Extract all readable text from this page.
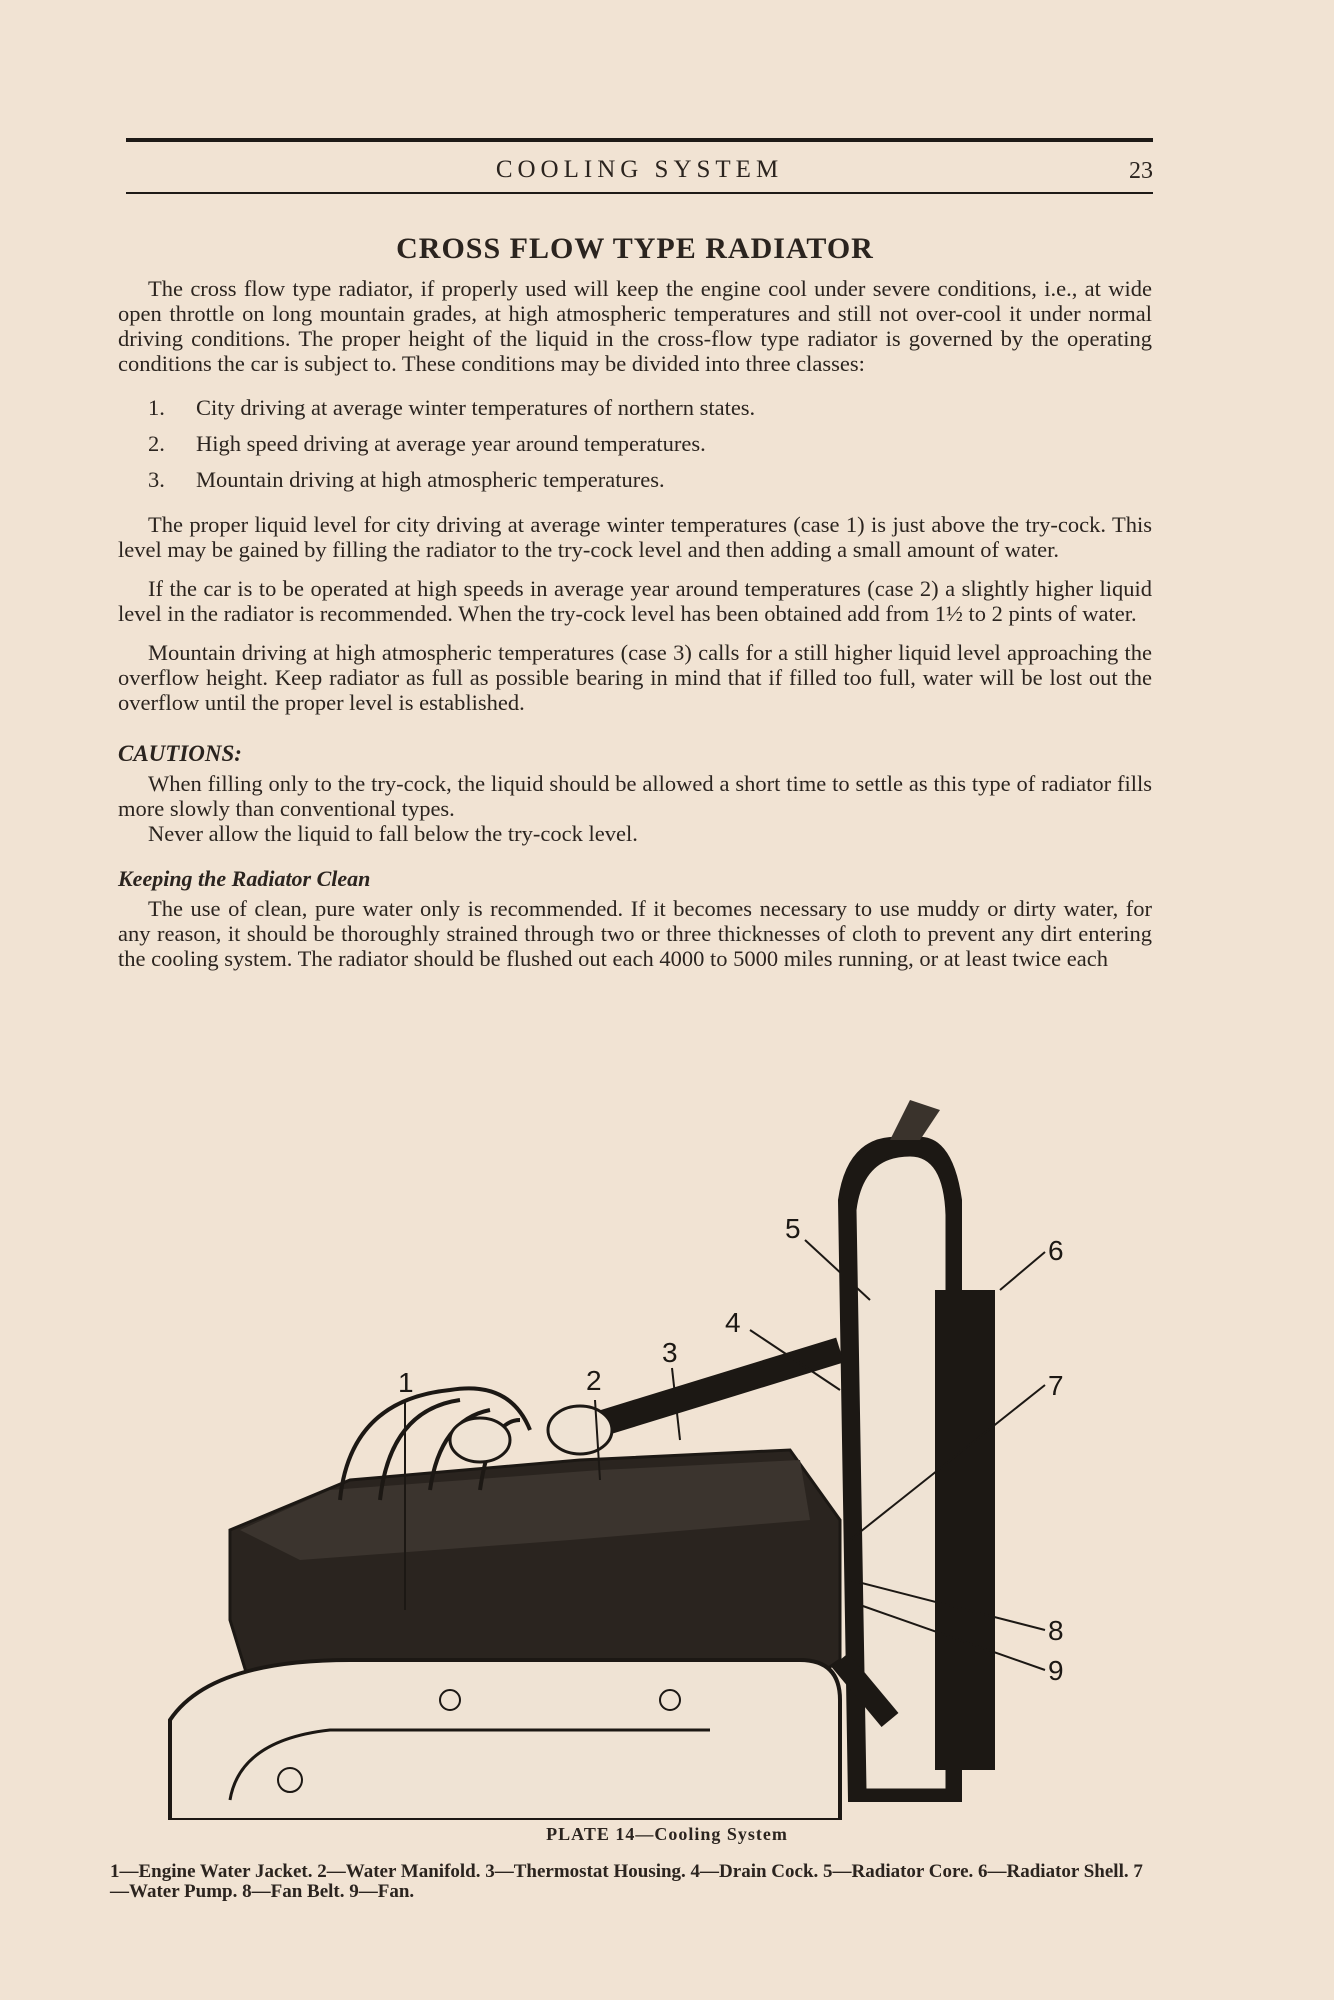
COOLING SYSTEM	23
CROSS FLOW TYPE RADIATOR

The cross flow type radiator, if properly used will keep the engine cool under severe conditions, i.e., at wide open throttle on long mountain grades, at high atmospheric temperatures and still not over-cool it under normal driving conditions. The proper height of the liquid in the cross-flow type radiator is governed by the operating conditions the car is subject to. These conditions may be divided into three classes:

1. City driving at average winter temperatures of northern states.
2. High speed driving at average year around temperatures.
3. Mountain driving at high atmospheric temperatures.

The proper liquid level for city driving at average winter temperatures (case 1) is just above the try-cock. This level may be gained by filling the radiator to the try-cock level and then adding a small amount of water.

If the car is to be operated at high speeds in average year around temperatures (case 2) a slightly higher liquid level in the radiator is recommended. When the try-cock level has been obtained add from 1½ to 2 pints of water.

Mountain driving at high atmospheric temperatures (case 3) calls for a still higher liquid level approaching the overflow height. Keep radiator as full as possible bearing in mind that if filled too full, water will be lost out the overflow until the proper level is established.

CAUTIONS:

When filling only to the try-cock, the liquid should be allowed a short time to settle as this type of radiator fills more slowly than conventional types.

Never allow the liquid to fall below the try-cock level.

Keeping the Radiator Clean

The use of clean, pure water only is recommended. If it becomes necessary to use muddy or dirty water, for any reason, it should be thoroughly strained through two or three thicknesses of cloth to prevent any dirt entering the cooling system. The radiator should be flushed out each 4000 to 5000 miles running, or at least twice each

1	2
3
4
5
6
7
8
9
PLATE 14—Cooling System
1—Engine Water Jacket. 2—Water Manifold. 3—Thermostat Housing. 4—Drain Cock. 5—Radiator Core. 6—Radiator Shell. 7—Water Pump. 8—Fan Belt. 9—Fan.
